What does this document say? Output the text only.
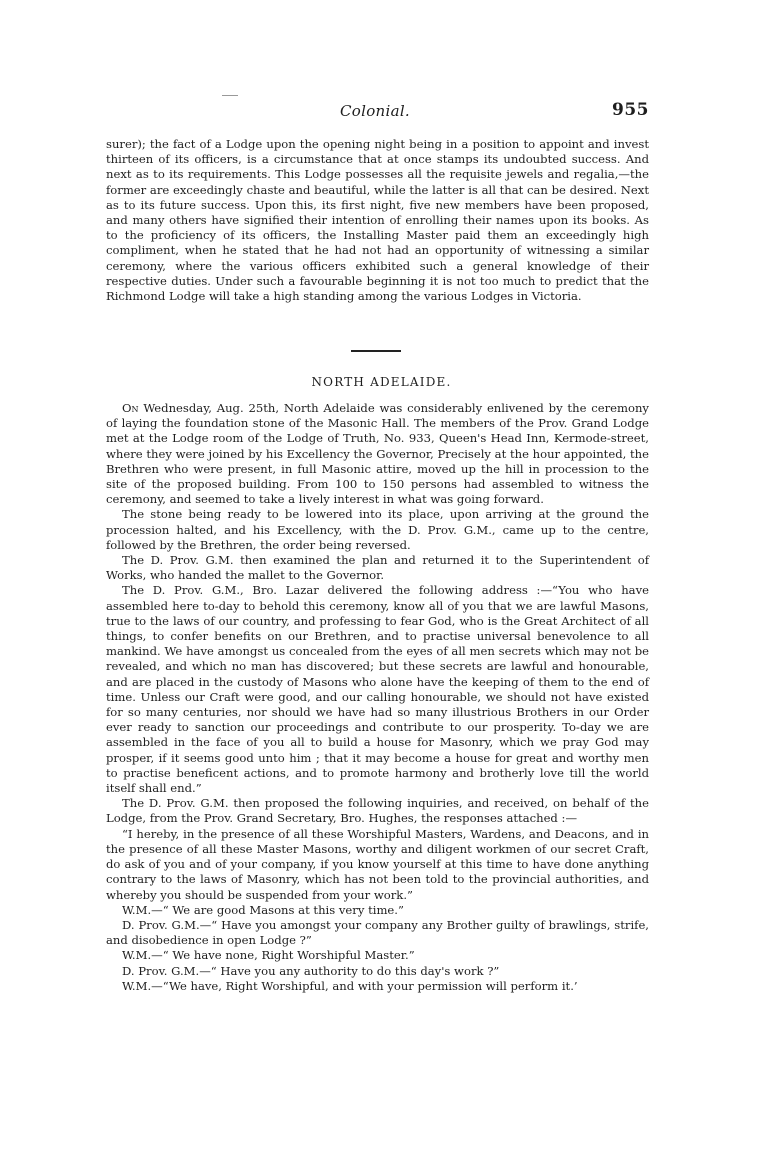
Colonial.	955

surer); the fact of a Lodge upon the opening night being in a position to appoint and invest thirteen of its officers, is a circumstance that at once stamps its undoubted success. And next as to its requirements. This Lodge possesses all the requisite jewels and regalia,—the former are exceedingly chaste and beautiful, while the latter is all that can be desired. Next as to its future success. Upon this, its first night, five new members have been proposed, and many others have signified their intention of enrolling their names upon its books. As to the proficiency of its officers, the Installing Master paid them an exceedingly high compliment, when he stated that he had not had an opportunity of witnessing a similar ceremony, where the various officers exhibited such a general knowledge of their respective duties. Under such a favourable beginning it is not too much to predict that the Richmond Lodge will take a high standing among the various Lodges in Victoria.

NORTH ADELAIDE.

On Wednesday, Aug. 25th, North Adelaide was considerably enlivened by the ceremony of laying the foundation stone of the Masonic Hall. The members of the Prov. Grand Lodge met at the Lodge room of the Lodge of Truth, No. 933, Queen's Head Inn, Kermode-street, where they were joined by his Excellency the Governor, Precisely at the hour appointed, the Brethren who were present, in full Masonic attire, moved up the hill in procession to the site of the proposed building. From 100 to 150 persons had assembled to witness the ceremony, and seemed to take a lively interest in what was going forward.

The stone being ready to be lowered into its place, upon arriving at the ground the procession halted, and his Excellency, with the D. Prov. G.M., came up to the centre, followed by the Brethren, the order being reversed.

The D. Prov. G.M. then examined the plan and returned it to the Superintendent of Works, who handed the mallet to the Governor.

The D. Prov. G.M., Bro. Lazar delivered the following address :—“You who have assembled here to-day to behold this ceremony, know all of you that we are lawful Masons, true to the laws of our country, and professing to fear God, who is the Great Architect of all things, to confer benefits on our Brethren, and to practise universal benevolence to all mankind. We have amongst us concealed from the eyes of all men secrets which may not be revealed, and which no man has discovered; but these secrets are lawful and honourable, and are placed in the custody of Masons who alone have the keeping of them to the end of time. Unless our Craft were good, and our calling honourable, we should not have existed for so many centuries, nor should we have had so many illustrious Brothers in our Order ever ready to sanction our proceedings and contribute to our prosperity. To-day we are assembled in the face of you all to build a house for Masonry, which we pray God may prosper, if it seems good unto him ; that it may become a house for great and worthy men to practise beneficent actions, and to promote harmony and brotherly love till the world itself shall end.”

The D. Prov. G.M. then proposed the following inquiries, and received, on behalf of the Lodge, from the Prov. Grand Secretary, Bro. Hughes, the responses attached :—

“I hereby, in the presence of all these Worshipful Masters, Wardens, and Deacons, and in the presence of all these Master Masons, worthy and diligent workmen of our secret Craft, do ask of you and of your company, if you know yourself at this time to have done anything contrary to the laws of Masonry, which has not been told to the provincial authorities, and whereby you should be suspended from your work.”

W.M.—“ We are good Masons at this very time.”

D. Prov. G.M.—“ Have you amongst your company any Brother guilty of brawlings, strife, and disobedience in open Lodge ?”

W.M.—“ We have none, Right Worshipful Master.”

D. Prov. G.M.—“ Have you any authority to do this day's work ?”

W.M.—“We have, Right Worshipful, and with your permission will perform it.’
